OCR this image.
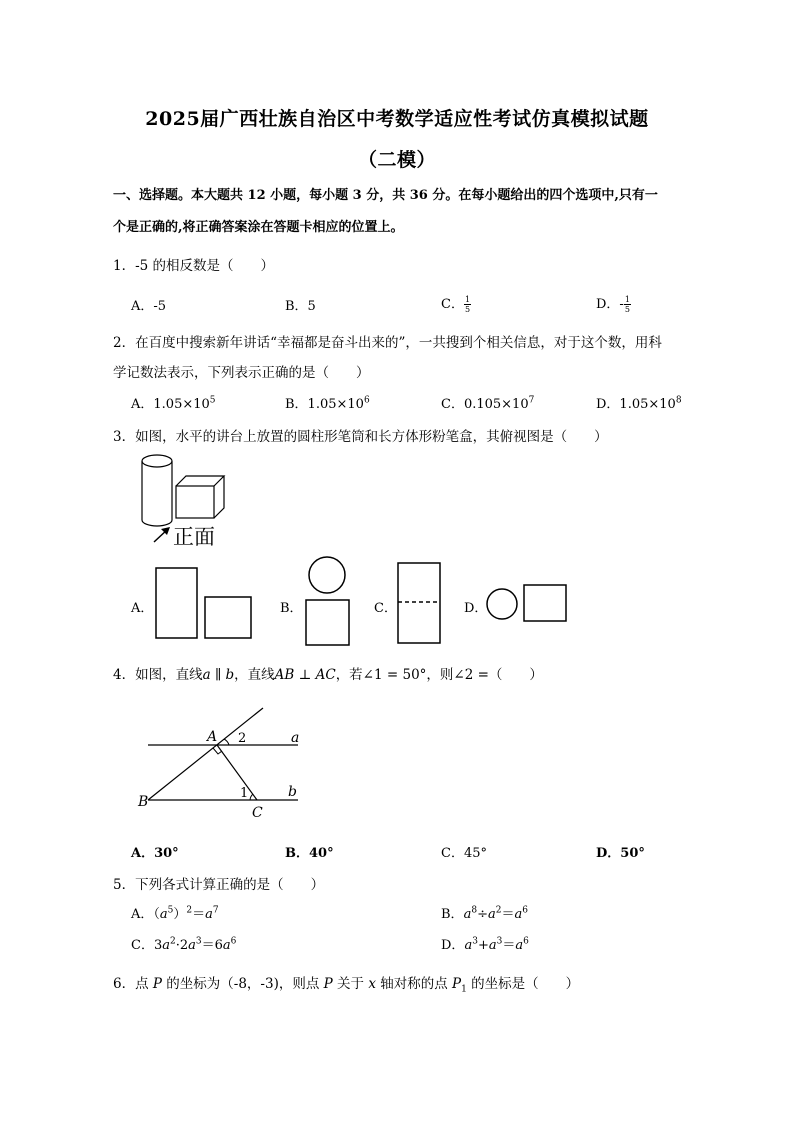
2025届广西壮族自治区中考数学适应性考试仿真模拟试题
（二模）
一、选择题。本大题共 12 小题，每小题 3 分，共 36 分。在每小题给出的四个选项中,只有一
个是正确的,将正确答案涂在答题卡相应的位置上。
1．-5 的相反数是（　　）
A．-5	B．5	C． $\frac{1}{5}$	D．- $\frac{1}{5}$
2．在百度中搜索新年讲话“幸福都是奋斗出来的”，一共搜到个相关信息，对于这个数，用科
学记数法表示，下列表示正确的是（　　）
A．$1.05\times 10^5$	B．$1.05\times 10^6$	C．$0.105\times 10^7$	D．$1.05\times 10^8$
3．如图，水平的讲台上放置的圆柱形笔筒和长方体形粉笔盒，其俯视图是（　　）
正面
A．	B．	C．	D．
4．如图，直线a ∥ b，直线AB ⊥ AC，若∠1 = 50°，则∠2 =（　　）
A
B
C
1
2	a
b
A．30°	B．40°	C．45°	D．50°
5．下列各式计算正确的是（　　）
A．$(a^5)^2=a^7$	B．$a^8\div a^2=a^6$
C．$3a^2\cdot 2a^3=6a^6$	D．$a^3+a^3=a^6$
6．点 P 的坐标为（-8，-3)，则点 P 关于 x 轴对称的点 $P_1$ 的坐标是（　　）
